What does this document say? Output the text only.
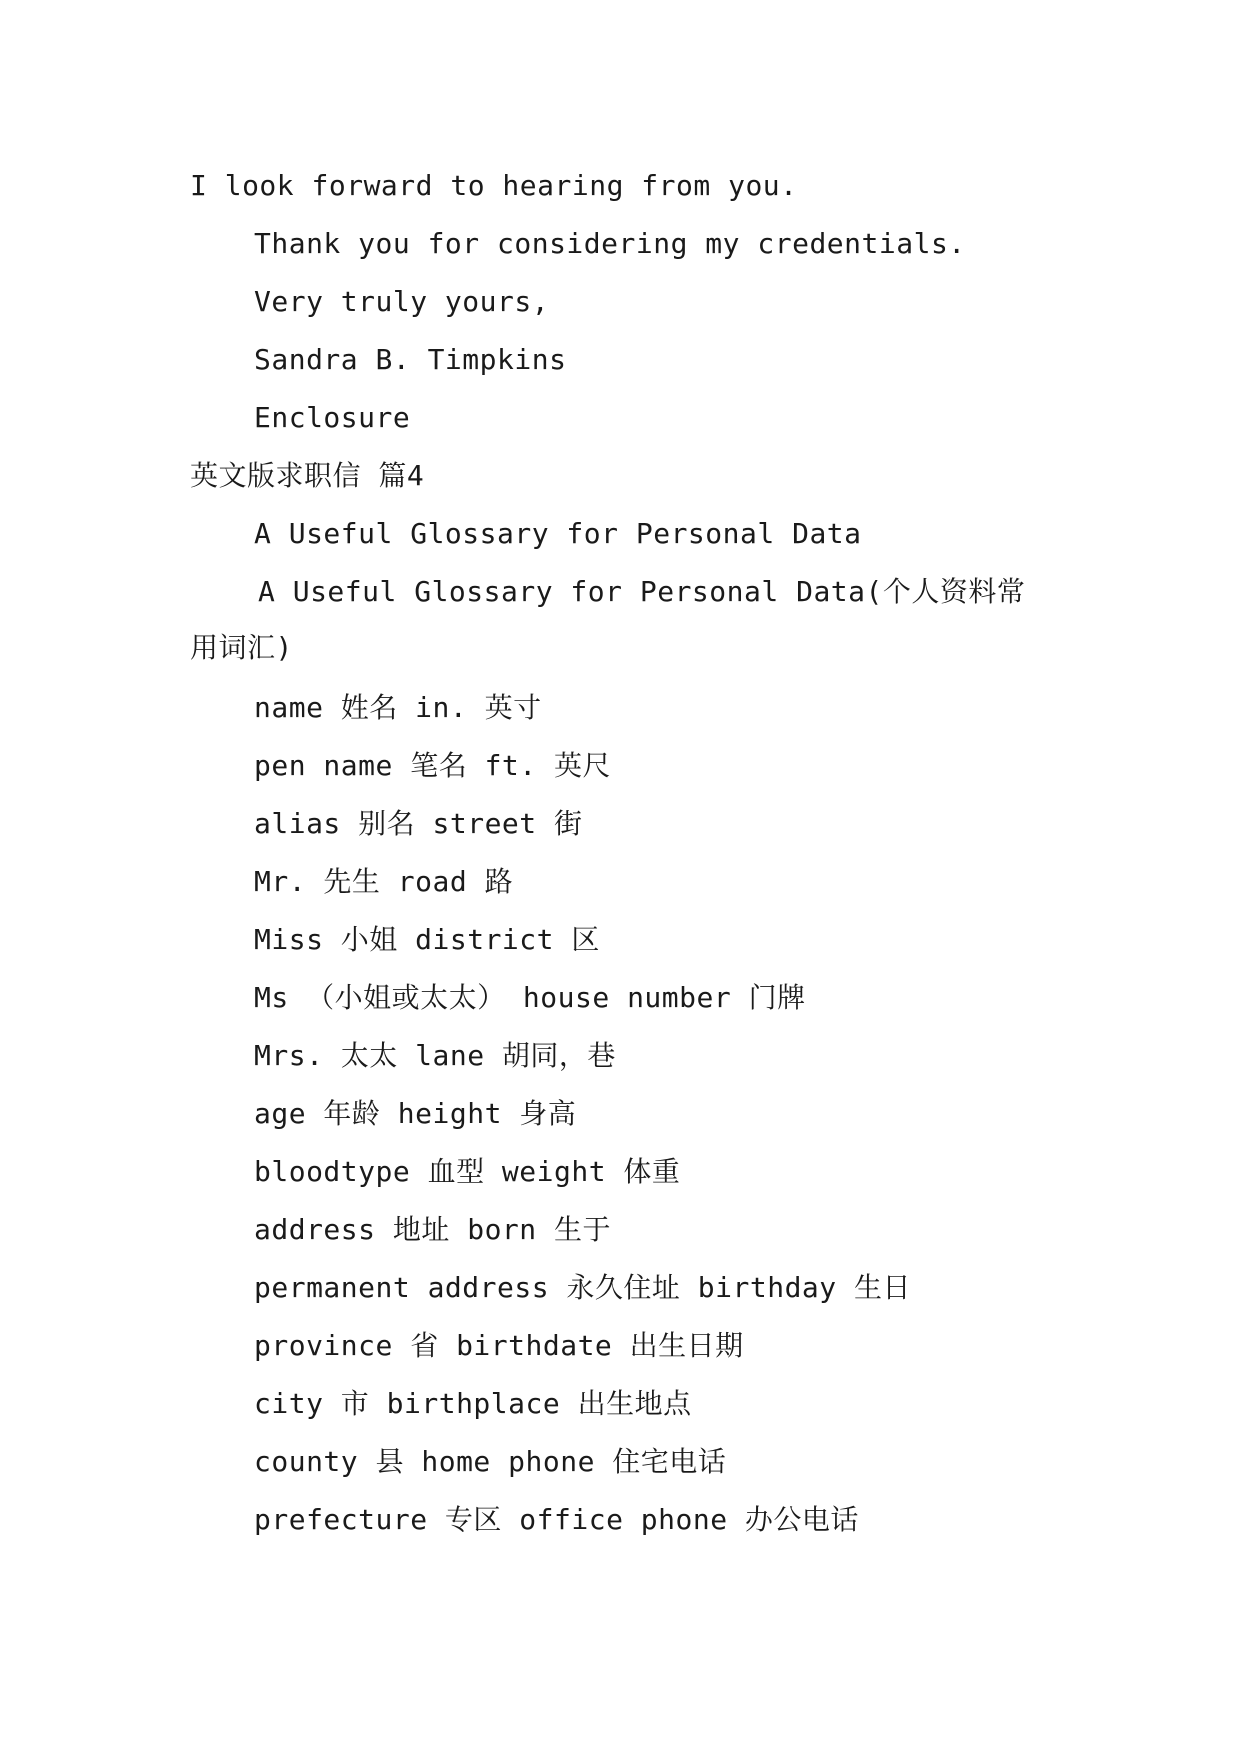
I look forward to hearing from you.
Thank you for considering my credentials.
Very truly yours,
Sandra B. Timpkins
Enclosure
英文版求职信 篇4
A Useful Glossary for Personal Data
A Useful Glossary for Personal Data(个人资料常
用词汇)
name 姓名 in. 英寸
pen name 笔名 ft. 英尺
alias 别名 street 街
Mr. 先生 road 路
Miss 小姐 district 区
Ms （小姐或太太） house number 门牌
Mrs. 太太 lane 胡同，巷
age 年龄 height 身高
bloodtype 血型 weight 体重
address 地址 born 生于
permanent address 永久住址 birthday 生日
province 省 birthdate 出生日期
city 市 birthplace 出生地点
county 县 home phone 住宅电话
prefecture 专区 office phone 办公电话
